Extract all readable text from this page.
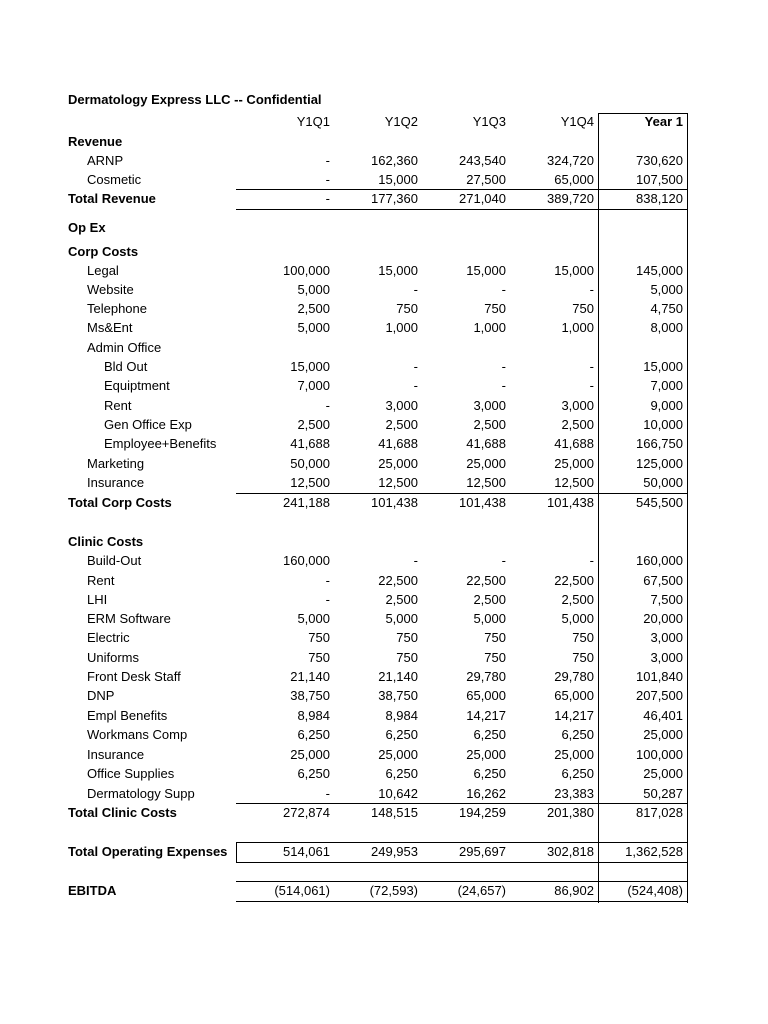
Dermatology Express LLC -- Confidential
Y1Q1	Y1Q2	Y1Q3	Y1Q4	Year 1
Revenue
ARNP	-	162,360	243,540	324,720	730,620
Cosmetic	-	15,000	27,500	65,000	107,500
Total Revenue	-	177,360	271,040	389,720	838,120
Op Ex
Corp Costs
Legal	100,000	15,000	15,000	15,000	145,000
Website	5,000	-	-	-	5,000
Telephone	2,500	750	750	750	4,750
Ms&Ent	5,000	1,000	1,000	1,000	8,000
Admin Office
Bld Out	15,000	-	-	-	15,000
Equiptment	7,000	-	-	-	7,000
Rent	-	3,000	3,000	3,000	9,000
Gen Office Exp	2,500	2,500	2,500	2,500	10,000
Employee+Benefits	41,688	41,688	41,688	41,688	166,750
Marketing	50,000	25,000	25,000	25,000	125,000
Insurance	12,500	12,500	12,500	12,500	50,000
Total Corp Costs	241,188	101,438	101,438	101,438	545,500
Clinic Costs
Build-Out	160,000	-	-	-	160,000
Rent	-	22,500	22,500	22,500	67,500
LHI	-	2,500	2,500	2,500	7,500
ERM Software	5,000	5,000	5,000	5,000	20,000
Electric	750	750	750	750	3,000
Uniforms	750	750	750	750	3,000
Front Desk Staff	21,140	21,140	29,780	29,780	101,840
DNP	38,750	38,750	65,000	65,000	207,500
Empl Benefits	8,984	8,984	14,217	14,217	46,401
Workmans Comp	6,250	6,250	6,250	6,250	25,000
Insurance	25,000	25,000	25,000	25,000	100,000
Office Supplies	6,250	6,250	6,250	6,250	25,000
Dermatology Supp	-	10,642	16,262	23,383	50,287
Total Clinic Costs	272,874	148,515	194,259	201,380	817,028
Total Operating Expenses	514,061	249,953	295,697	302,818 1,362,528
EBITDA	(514,061)	(72,593)	(24,657)	86,902	(524,408)
